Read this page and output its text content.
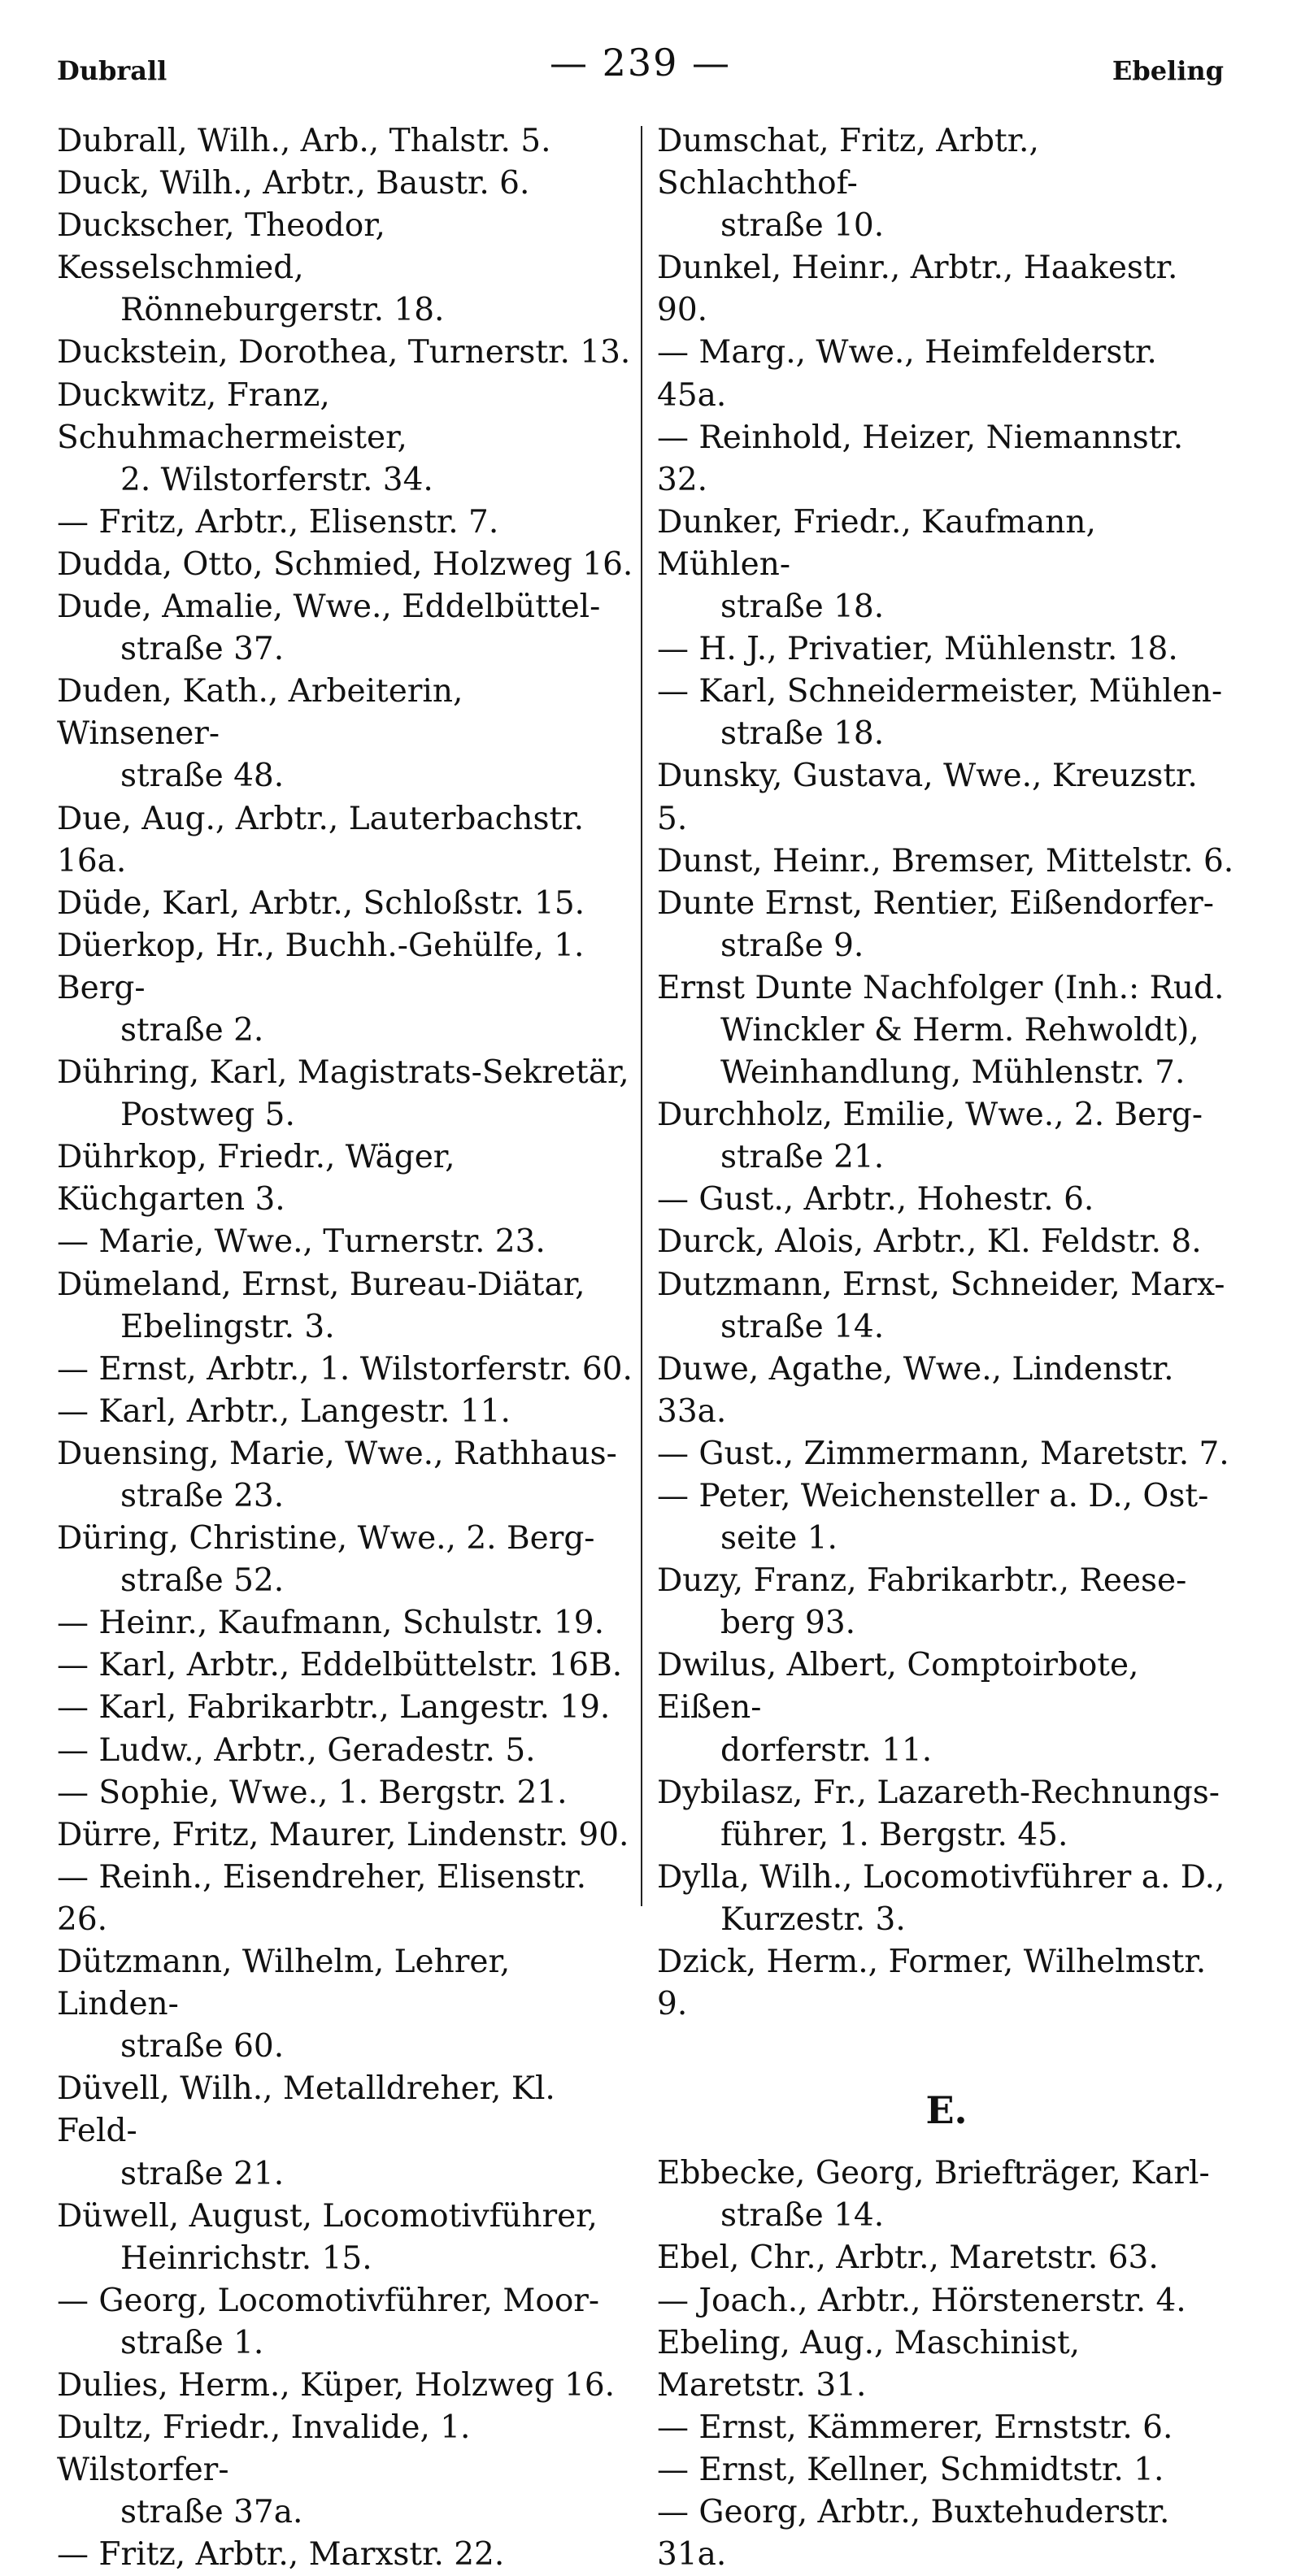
Dubrall	— 239 —	Ebeling
Dubrall, Wilh., Arb., Thalstr. 5.
Duck, Wilh., Arbtr., Baustr. 6.
Duckscher, Theodor, Kesselschmied,
Rönneburgerstr. 18.
Duckstein, Dorothea, Turnerstr. 13.
Duckwitz, Franz, Schuhmachermeister,
2. Wilstorferstr. 34.
— Fritz, Arbtr., Elisenstr. 7.
Dudda, Otto, Schmied, Holzweg 16.
Dude, Amalie, Wwe., Eddelbüttel-
straße 37.
Duden, Kath., Arbeiterin, Winsener-
straße 48.
Due, Aug., Arbtr., Lauterbachstr. 16a.
Düde, Karl, Arbtr., Schloßstr. 15.
Düerkop, Hr., Buchh.-Gehülfe, 1. Berg-
straße 2.
Dühring, Karl, Magistrats-Sekretär,
Postweg 5.
Dührkop, Friedr., Wäger, Küchgarten 3.
— Marie, Wwe., Turnerstr. 23.
Dümeland, Ernst, Bureau-Diätar,
Ebelingstr. 3.
— Ernst, Arbtr., 1. Wilstorferstr. 60.
— Karl, Arbtr., Langestr. 11.
Duensing, Marie, Wwe., Rathhaus-
straße 23.
Düring, Christine, Wwe., 2. Berg-
straße 52.
— Heinr., Kaufmann, Schulstr. 19.
— Karl, Arbtr., Eddelbüttelstr. 16B.
— Karl, Fabrikarbtr., Langestr. 19.
— Ludw., Arbtr., Geradestr. 5.
— Sophie, Wwe., 1. Bergstr. 21.
Dürre, Fritz, Maurer, Lindenstr. 90.
— Reinh., Eisendreher, Elisenstr. 26.
Dützmann, Wilhelm, Lehrer, Linden-
straße 60.
Düvell, Wilh., Metalldreher, Kl. Feld-
straße 21.
Düwell, August, Locomotivführer,
Heinrichstr. 15.
— Georg, Locomotivführer, Moor-
straße 1.
Dulies, Herm., Küper, Holzweg 16.
Dultz, Friedr., Invalide, 1. Wilstorfer-
straße 37a.
— Fritz, Arbtr., Marxstr. 22.
Dumschat, Fritz, Arbtr., Schlachthof-
straße 10.
Dunkel, Heinr., Arbtr., Haakestr. 90.
— Marg., Wwe., Heimfelderstr. 45a.
— Reinhold, Heizer, Niemannstr. 32.
Dunker, Friedr., Kaufmann, Mühlen-
straße 18.
— H. J., Privatier, Mühlenstr. 18.
— Karl, Schneidermeister, Mühlen-
straße 18.
Dunsky, Gustava, Wwe., Kreuzstr. 5.
Dunst, Heinr., Bremser, Mittelstr. 6.
Dunte Ernst, Rentier, Eißendorfer-
straße 9.
Ernst Dunte Nachfolger (Inh.: Rud.
Winckler & Herm. Rehwoldt),
Weinhandlung, Mühlenstr. 7.
Durchholz, Emilie, Wwe., 2. Berg-
straße 21.
— Gust., Arbtr., Hohestr. 6.
Durck, Alois, Arbtr., Kl. Feldstr. 8.
Dutzmann, Ernst, Schneider, Marx-
straße 14.
Duwe, Agathe, Wwe., Lindenstr. 33a.
— Gust., Zimmermann, Maretstr. 7.
— Peter, Weichensteller a. D., Ost-
seite 1.
Duzy, Franz, Fabrikarbtr., Reese-
berg 93.
Dwilus, Albert, Comptoirbote, Eißen-
dorferstr. 11.
Dybilasz, Fr., Lazareth-Rechnungs-
führer, 1. Bergstr. 45.
Dylla, Wilh., Locomotivführer a. D.,
Kurzestr. 3.
Dzick, Herm., Former, Wilhelmstr. 9.
E.
Ebbecke, Georg, Briefträger, Karl-
straße 14.
Ebel, Chr., Arbtr., Maretstr. 63.
— Joach., Arbtr., Hörstenerstr. 4.
Ebeling, Aug., Maschinist, Maretstr. 31.
— Ernst, Kämmerer, Ernststr. 6.
— Ernst, Kellner, Schmidtstr. 1.
— Georg, Arbtr., Buxtehuderstr. 31a.
